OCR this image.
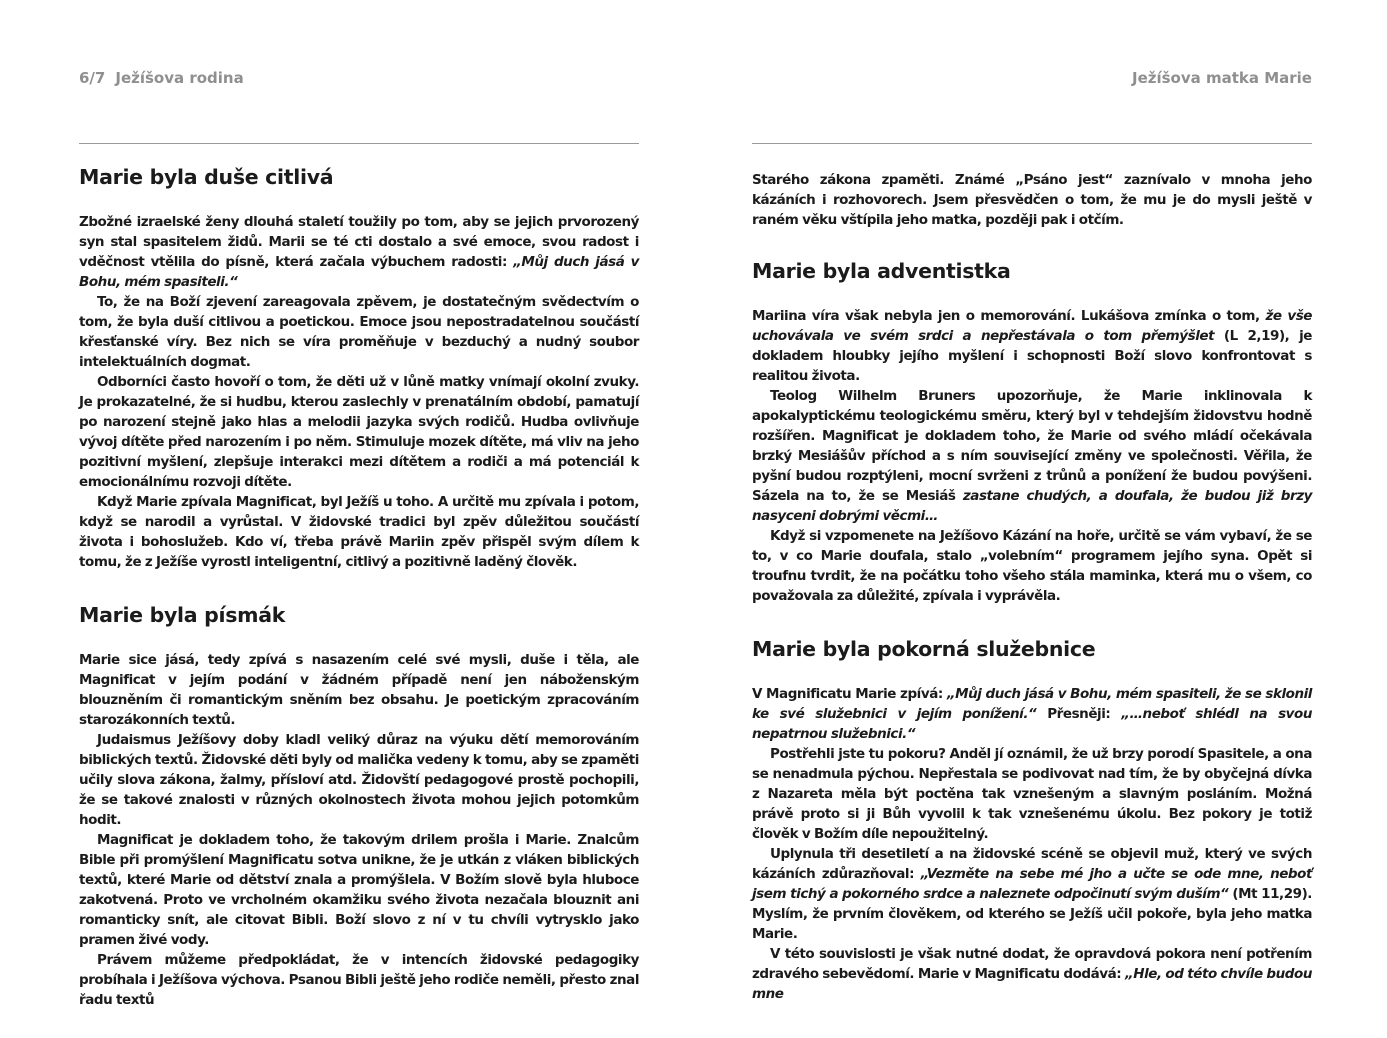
6/7 Ježíšova rodina
Marie byla duše citlivá

Zbožné izraelské ženy dlouhá staletí toužily po tom, aby se jejich prvorozený syn stal spasitelem židů. Marii se té cti dostalo a své emoce, svou radost i vděčnost vtělila do písně, která začala výbuchem radosti: „Můj duch jásá v Bohu, mém spasiteli.“

To, že na Boží zjevení zareagovala zpěvem, je dostatečným svědectvím o tom, že byla duší citlivou a poetickou. Emoce jsou nepostradatelnou součástí křesťanské víry. Bez nich se víra proměňuje v bezduchý a nudný soubor intelektuálních dogmat.

Odborníci často hovoří o tom, že děti už v lůně matky vnímají okolní zvuky. Je prokazatelné, že si hudbu, kterou zaslechly v prenatálním období, pamatují po narození stejně jako hlas a melodii jazyka svých rodičů. Hudba ovlivňuje vývoj dítěte před narozením i po něm. Stimuluje mozek dítěte, má vliv na jeho pozitivní myšlení, zlepšuje interakci mezi dítětem a rodiči a má potenciál k emocionálnímu rozvoji dítěte.

Když Marie zpívala Magnificat, byl Ježíš u toho. A určitě mu zpívala i potom, když se narodil a vyrůstal. V židovské tradici byl zpěv důležitou součástí života i bohoslužeb. Kdo ví, třeba právě Mariin zpěv přispěl svým dílem k tomu, že z Ježíše vyrostl inteligentní, citlivý a pozitivně laděný člověk.

Marie byla písmák

Marie sice jásá, tedy zpívá s nasazením celé své mysli, duše i těla, ale Magnificat v jejím podání v žádném případě není jen náboženským blouzněním či romantickým sněním bez obsahu. Je poetickým zpracováním starozákonních textů.

Judaismus Ježíšovy doby kladl veliký důraz na výuku dětí memorováním biblických textů. Židovské děti byly od malička vedeny k tomu, aby se zpaměti učily slova zákona, žalmy, přísloví atd. Židovští pedagogové prostě pochopili, že se takové znalosti v různých okolnostech života mohou jejich potomkům hodit.

Magnificat je dokladem toho, že takovým drilem prošla i Marie. Znalcům Bible při promýšlení Magnificatu sotva unikne, že je utkán z vláken biblických textů, které Marie od dětství znala a promýšlela. V Božím slově byla hluboce zakotvená. Proto ve vrcholném okamžiku svého života nezačala blouznit ani romanticky snít, ale citovat Bibli. Boží slovo z ní v tu chvíli vytrysklo jako pramen živé vody.

Právem můžeme předpokládat, že v intencích židovské pedagogiky probíhala i Ježíšova výchova. Psanou Bibli ještě jeho rodiče neměli, přesto znal řadu textů

Ježíšova matka Marie

Starého zákona zpaměti. Známé „Psáno jest“ zaznívalo v mnoha jeho kázáních i rozhovorech. Jsem přesvědčen o tom, že mu je do mysli ještě v raném věku vštípila jeho matka, později pak i otčím.

Marie byla adventistka

Mariina víra však nebyla jen o memorování. Lukášova zmínka o tom, že vše uchovávala ve svém srdci a nepřestávala o tom přemýšlet (L 2,19), je dokladem hloubky jejího myšlení i schopnosti Boží slovo konfrontovat s realitou života.

Teolog Wilhelm Bruners upozorňuje, že Marie inklinovala k apokalyptickému teologickému směru, který byl v tehdejším židovstvu hodně rozšířen. Magnificat je dokladem toho, že Marie od svého mládí očekávala brzký Mesiášův příchod a s ním související změny ve společnosti. Věřila, že pyšní budou rozptýleni, mocní svrženi z trůnů a ponížení že budou povýšeni. Sázela na to, že se Mesiáš zastane chudých, a doufala, že budou již brzy nasyceni dobrými věcmi…

Když si vzpomenete na Ježíšovo Kázání na hoře, určitě se vám vybaví, že se to, v co Marie doufala, stalo „volebním“ programem jejího syna. Opět si troufnu tvrdit, že na počátku toho všeho stála maminka, která mu o všem, co považovala za důležité, zpívala i vyprávěla.

Marie byla pokorná služebnice

V Magnificatu Marie zpívá: „Můj duch jásá v Bohu, mém spasiteli, že se sklonil ke své služebnici v jejím ponížení.“ Přesněji: „…neboť shlédl na svou nepatrnou služebnici.“

Postřehli jste tu pokoru? Anděl jí oznámil, že už brzy porodí Spasitele, a ona se nenadmula pýchou. Nepřestala se podivovat nad tím, že by obyčejná dívka z Nazareta měla být poctěna tak vznešeným a slavným posláním. Možná právě proto si ji Bůh vyvolil k tak vznešenému úkolu. Bez pokory je totiž člověk v Božím díle nepoužitelný.

Uplynula tři desetiletí a na židovské scéně se objevil muž, který ve svých kázáních zdůrazňoval: „Vezměte na sebe mé jho a učte se ode mne, neboť jsem tichý a pokorného srdce a naleznete odpočinutí svým duším“ (Mt 11,29). Myslím, že prvním člověkem, od kterého se Ježíš učil pokoře, byla jeho matka Marie.

V této souvislosti je však nutné dodat, že opravdová pokora není potřením zdravého sebevědomí. Marie v Magnificatu dodává: „Hle, od této chvíle budou mne
